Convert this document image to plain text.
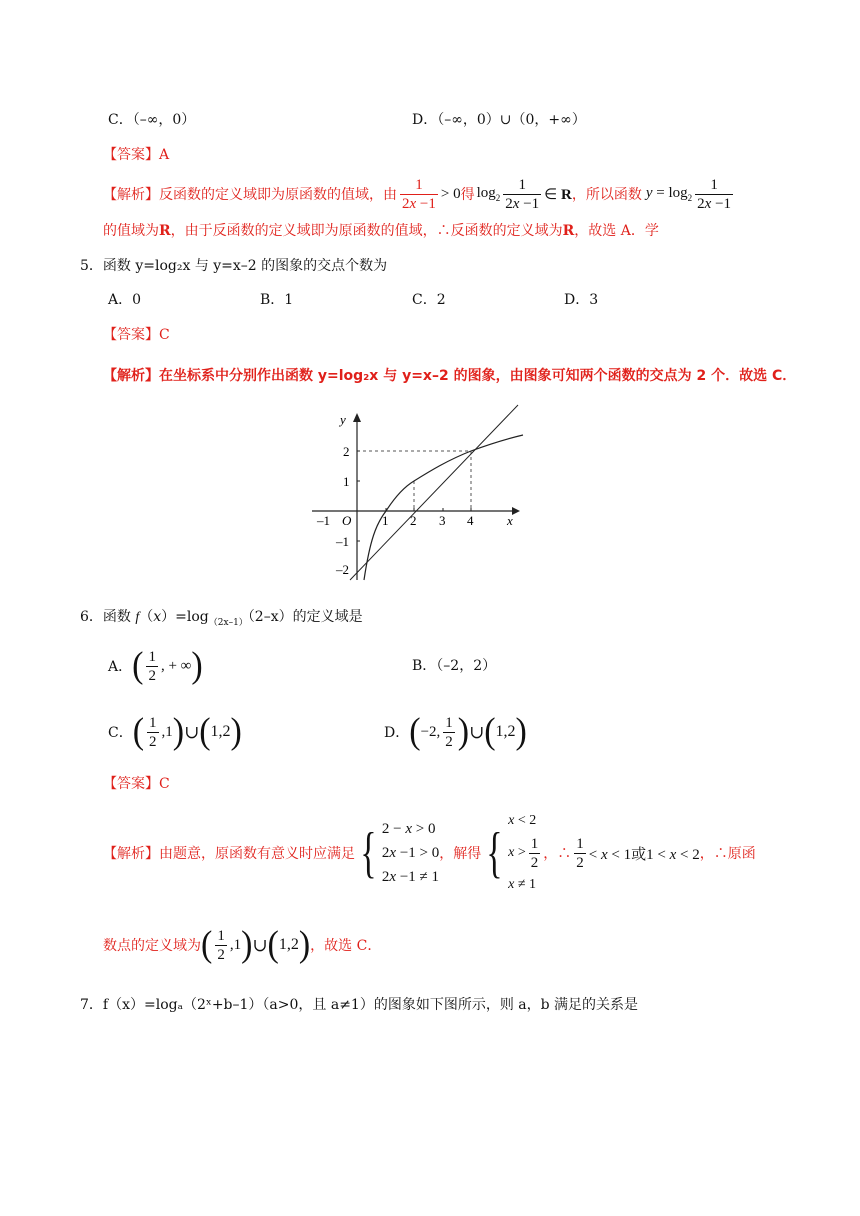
C．（–∞，0）	D．（–∞，0）∪（0，+∞）
【答案】A
【解析】反函数的定义域即为原函数的值域，由 $\frac{1}{2x -1} > 0$ 得 $\log_2 \frac{1}{2x -1}$ ∈ R ，所以函数 $y = \log_2 \frac{1}{2x -1}$
的值域为R，由于反函数的定义域即为原函数的值域，∴反函数的定义域为R，故选 A．学
5．函数 y=log₂x 与 y=x–2 的图象的交点个数为
A．0	B．1	C．2	D．3
【答案】C
【解析】在坐标系中分别作出函数 y=log₂x 与 y=x–2 的图象，由图象可知两个函数的交点为 2 个．故选 C．
y
x
O
–1	1 2 3 4
2
1
–1
–2
6．函数 $f(x)=\log_{(2x-1)}(2-x)$的定义域是
A． ( $\frac{1}{2}$ , + ∞ )	B．（–2，2）
C． ( $\frac{1}{2} ,1$ ) ∪ ( 1,2 )	D． ( −2, $\frac{1}{2}$ ) ∪ ( 1,2 )
【答案】C
【解析】由题意，原函数有意义时应满足 { 2 − x > 0
2x −1 > 0
2x −1 ≠ 1
，解得 {
x < 2
$x > \frac{1}{2}$
x ≠ 1
，∴ $\frac{1}{2} < x < 1$或1 < x < 2 ，∴原函
数点的定义域为 ( $\frac{1}{2} ,1$ ) ∪ ( 1,2 ) ，故选 C．
7．f（x）=logₐ（2ˣ+b–1）（a>0，且 a≠1）的图象如下图所示，则 a，b 满足的关系是
